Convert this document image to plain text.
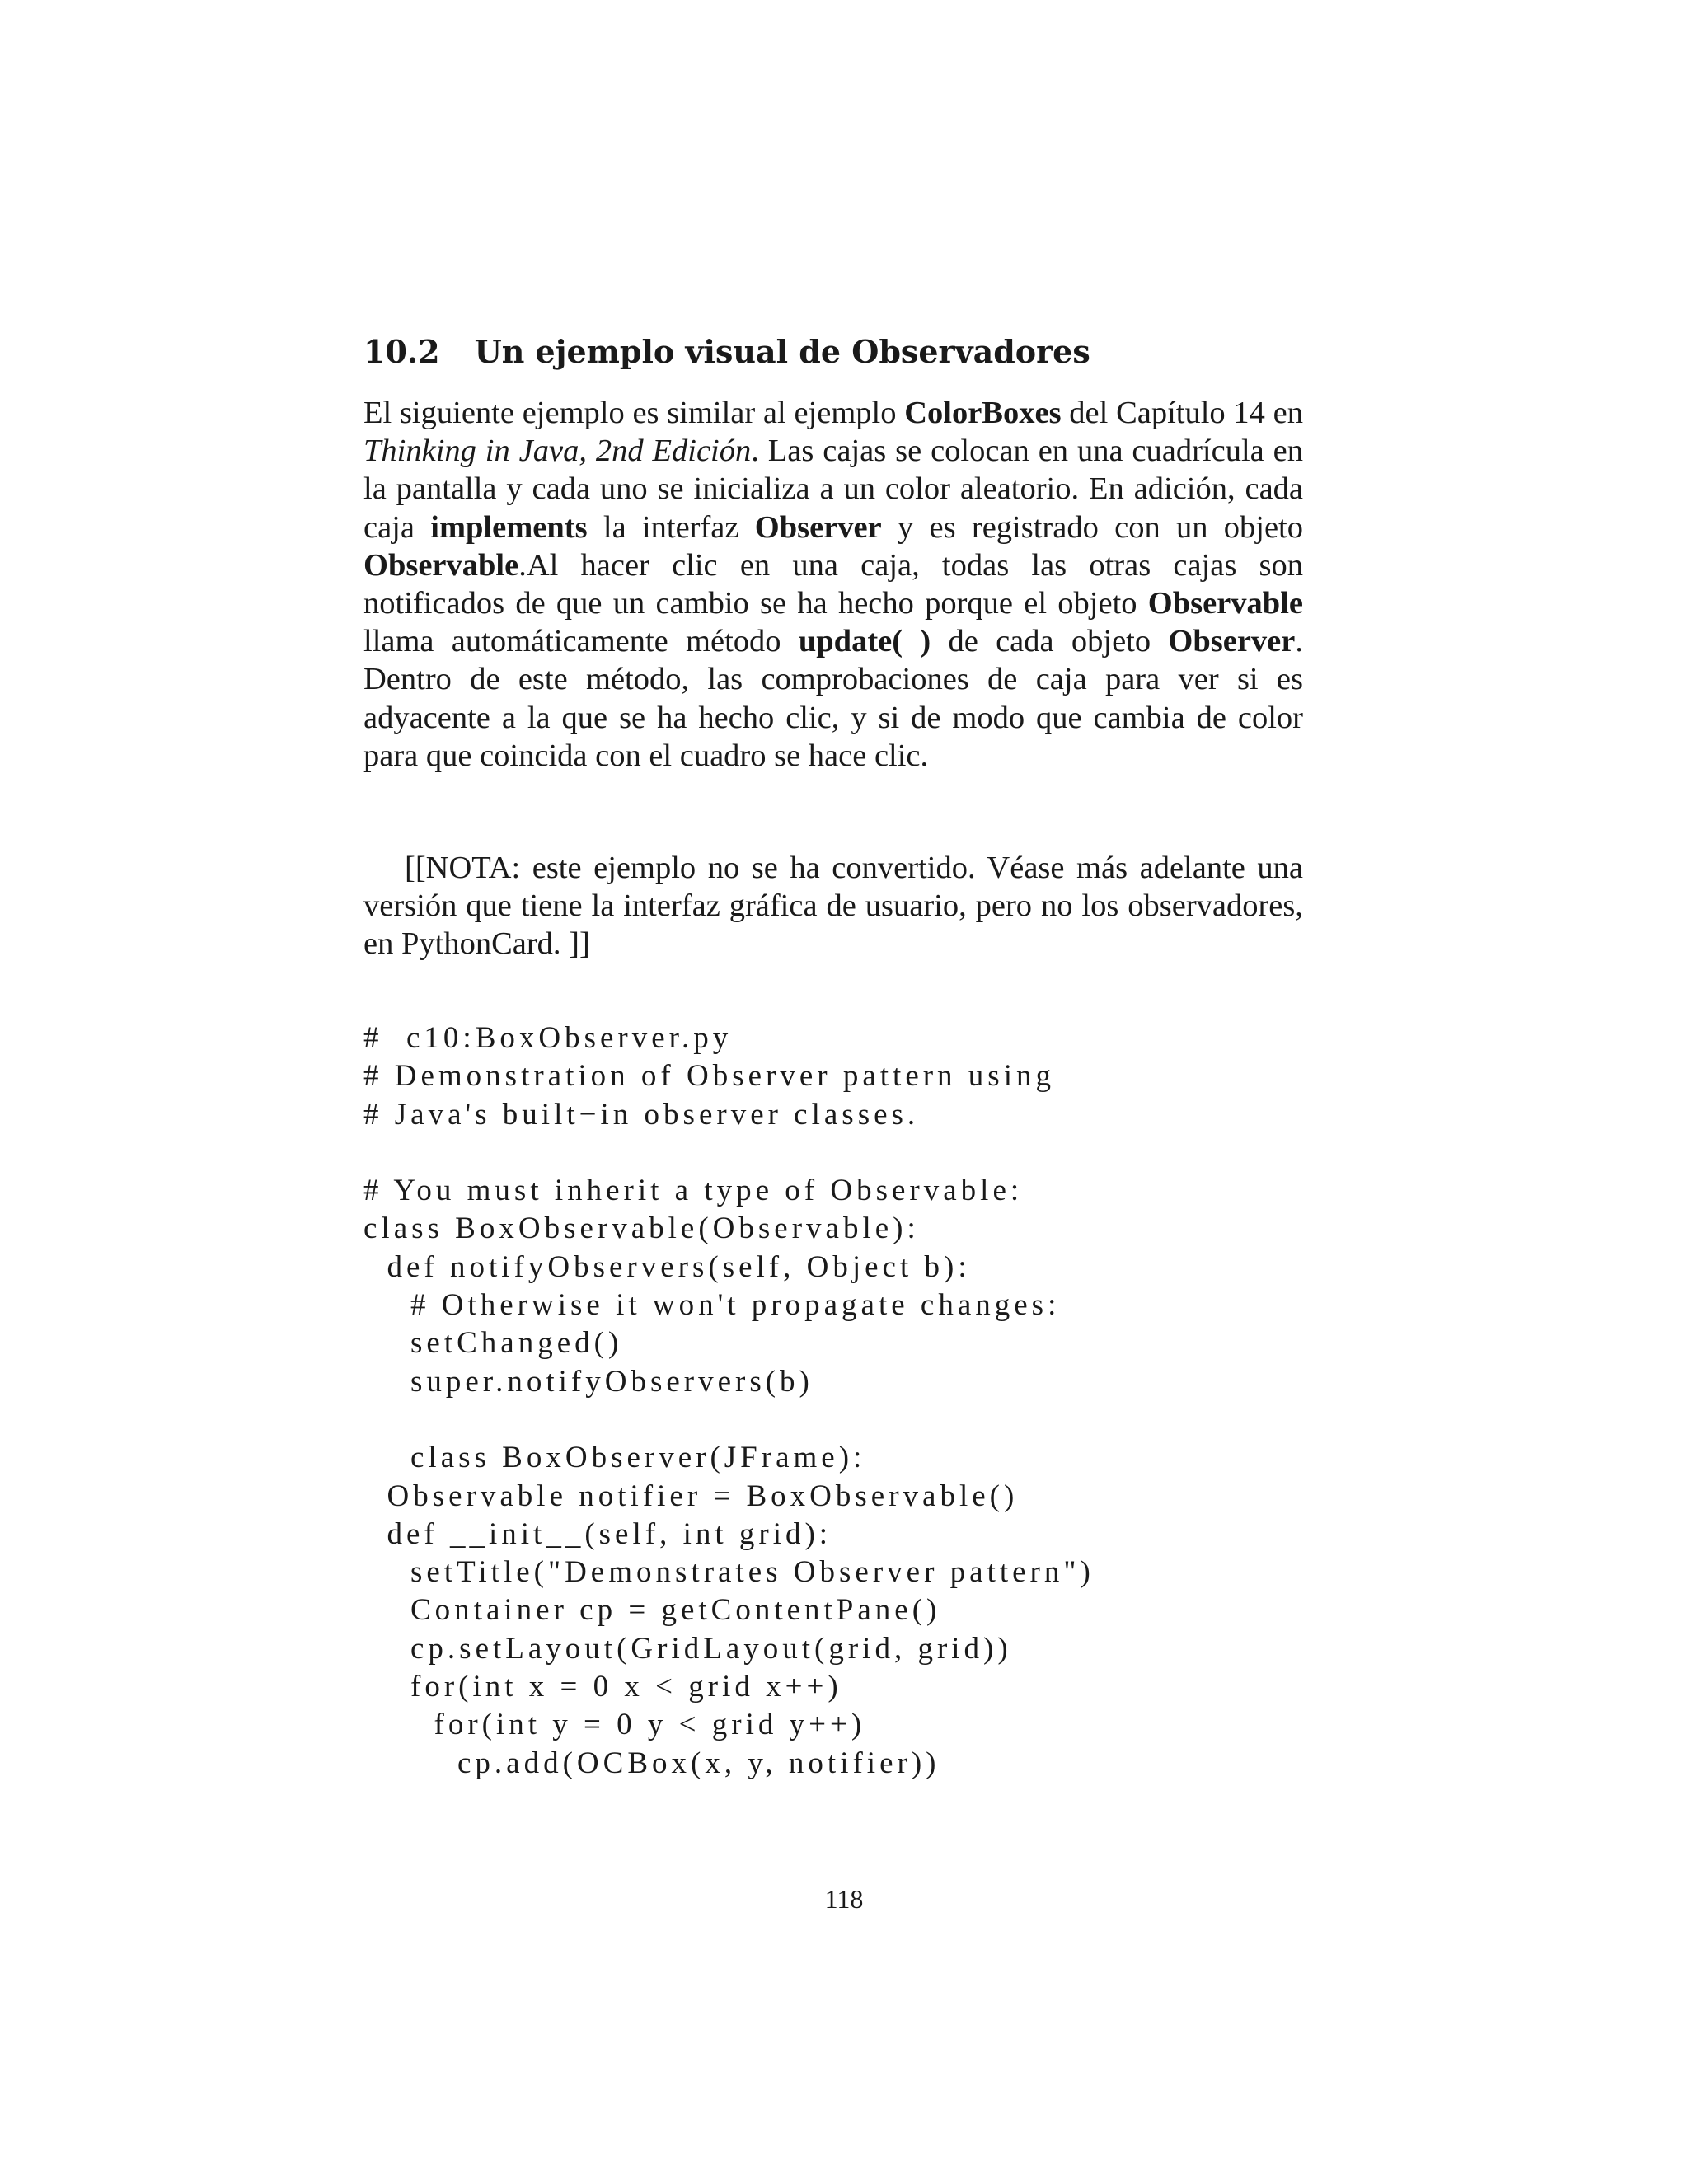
10.2 Un ejemplo visual de Observadores
El siguiente ejemplo es similar al ejemplo ColorBoxes del Capítulo 14 en Thinking in Java, 2nd Edición. Las cajas se colocan en una cuadrícula en la pantalla y cada uno se inicializa a un color aleatorio. En adición, cada caja implements la interfaz Observer y es registrado con un objeto Observable.Al hacer clic en una caja, todas las otras cajas son notificados de que un cambio se ha hecho porque el objeto Observable llama automáticamente método update( ) de cada objeto Observer. Dentro de este método, las comprobaciones de caja para ver si es adyacente a la que se ha hecho clic, y si de modo que cambia de color para que coincida con el cuadro se hace clic.
[[NOTA: este ejemplo no se ha convertido. Véase más adelante una versión que tiene la interfaz gráfica de usuario, pero no los observadores, en PythonCard. ]]
#  c10:BoxObserver.py
# Demonstration of Observer pattern using
# Java's built−in observer classes.
# You must inherit a type of Observable:
class BoxObservable(Observable):
def notifyObservers(self, Object b):
# Otherwise it won't propagate changes:
setChanged()
super.notifyObservers(b)
class BoxObserver(JFrame):
Observable notifier = BoxObservable()
def __init__(self, int grid):
setTitle("Demonstrates Observer pattern")
Container cp = getContentPane()
cp.setLayout(GridLayout(grid, grid))
for(int x = 0 x < grid x++)
for(int y = 0 y < grid y++)
cp.add(OCBox(x, y, notifier))
118
